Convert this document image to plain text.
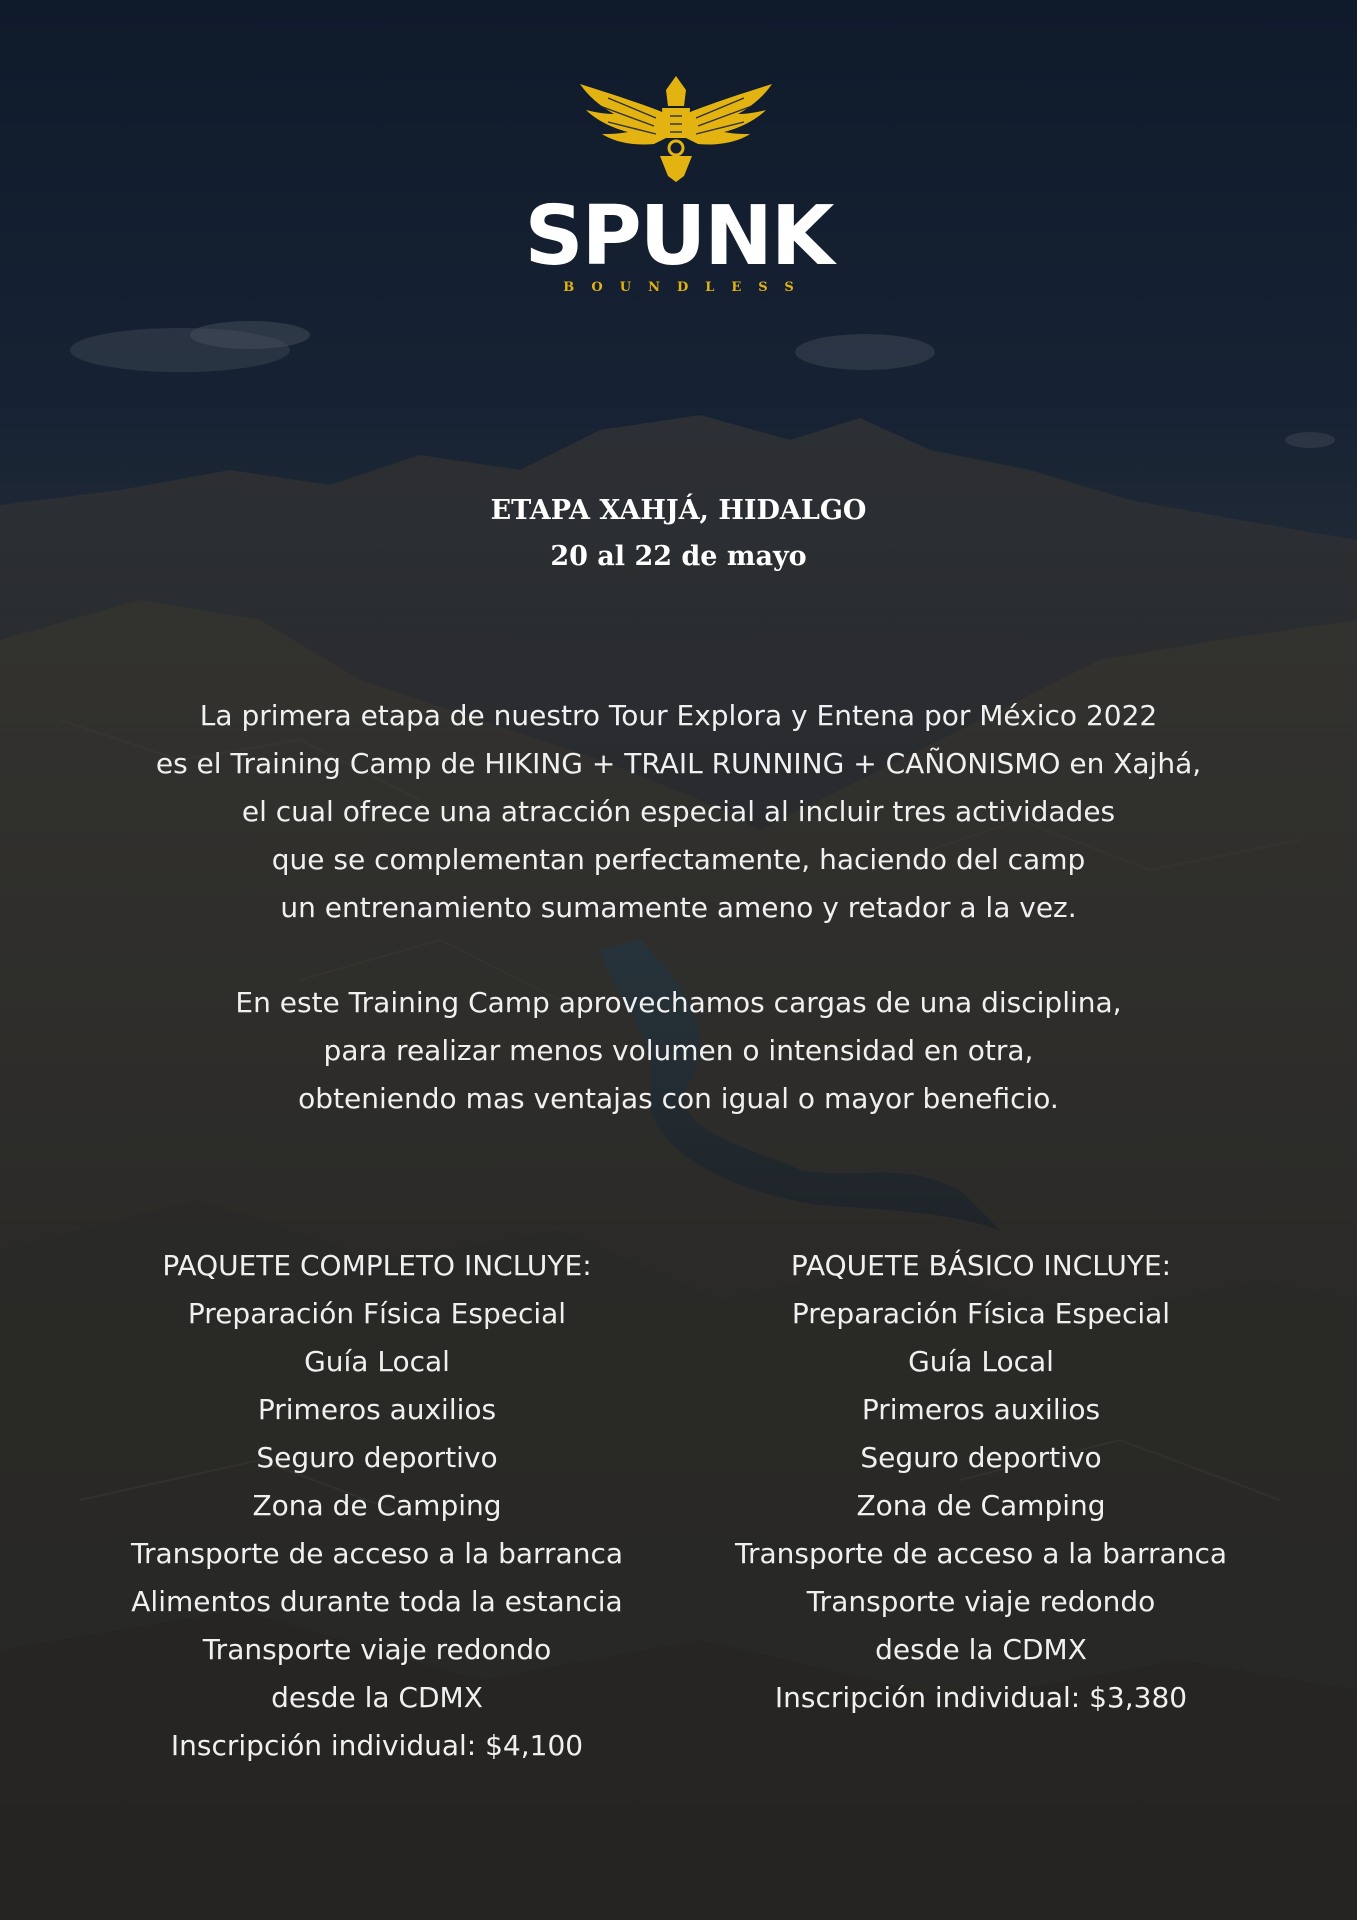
SPUNK
BOUNDLESS
ETAPA XAHJÁ, HIDALGO
20 al 22 de mayo

La primera etapa de nuestro Tour Explora y Entena por México 2022
es el Training Camp de HIKING + TRAIL RUNNING + CAÑONISMO en Xajhá,
el cual ofrece una atracción especial al incluir tres actividades
que se complementan perfectamente, haciendo del camp
un entrenamiento sumamente ameno y retador a la vez.

En este Training Camp aprovechamos cargas de una disciplina,
para realizar menos volumen o intensidad en otra,
obteniendo mas ventajas con igual o mayor beneficio.

PAQUETE COMPLETO INCLUYE:
Preparación Física Especial
Guía Local
Primeros auxilios
Seguro deportivo
Zona de Camping
Transporte de acceso a la barranca
Alimentos durante toda la estancia
Transporte viaje redondo
desde la CDMX
Inscripción individual: $4,100
PAQUETE BÁSICO INCLUYE:
Preparación Física Especial
Guía Local
Primeros auxilios
Seguro deportivo
Zona de Camping
Transporte de acceso a la barranca
Transporte viaje redondo
desde la CDMX
Inscripción individual: $3,380
